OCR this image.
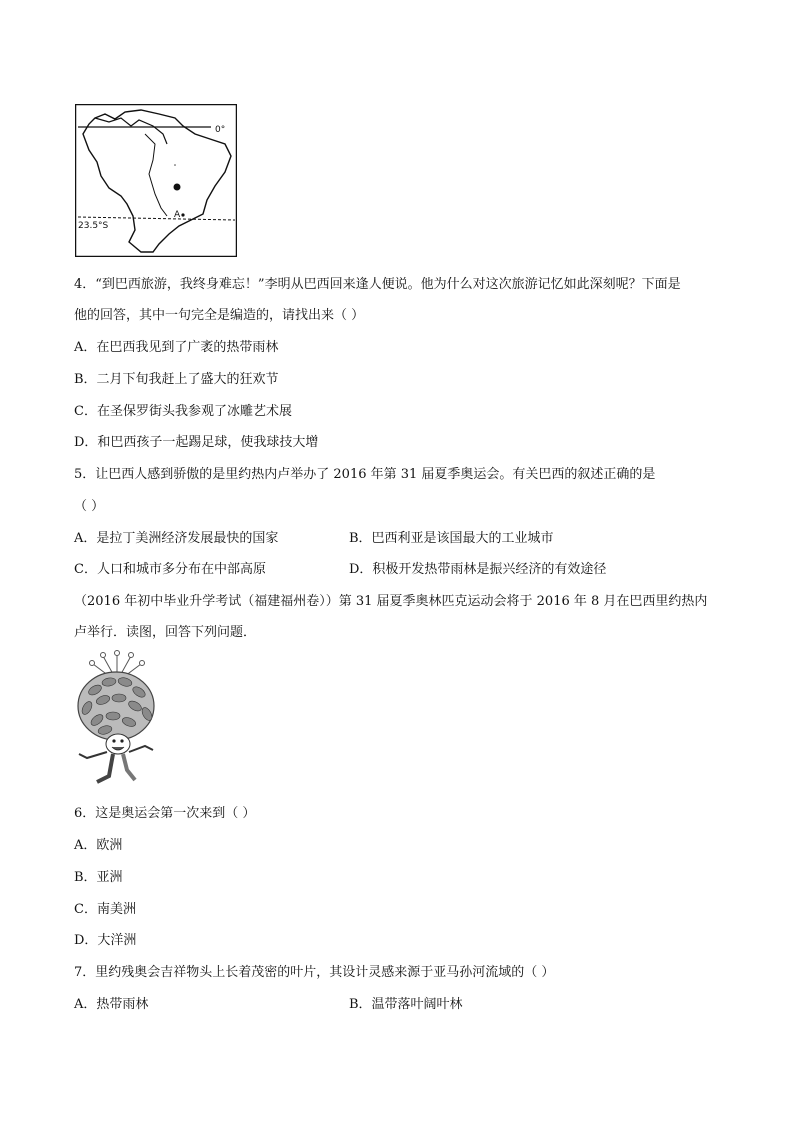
0°
23.5°S
A
4．“到巴西旅游，我终身难忘！”李明从巴西回来逢人便说。他为什么对这次旅游记忆如此深刻呢？下面是
他的回答，其中一句完全是编造的，请找出来（ ）
A．在巴西我见到了广袤的热带雨林
B．二月下旬我赶上了盛大的狂欢节
C．在圣保罗街头我参观了冰雕艺术展
D．和巴西孩子一起踢足球，使我球技大增
5．让巴西人感到骄傲的是里约热内卢举办了 2016 年第 31 届夏季奥运会。有关巴西的叙述正确的是
（ ）
A．是拉丁美洲经济发展最快的国家	B．巴西利亚是该国最大的工业城市
C．人口和城市多分布在中部高原	D．积极开发热带雨林是振兴经济的有效途径
（2016 年初中毕业升学考试（福建福州卷））第 31 届夏季奥林匹克运动会将于 2016 年 8 月在巴西里约热内
卢举行．读图，回答下列问题．
6．这是奥运会第一次来到（ ）
A．欧洲
B．亚洲
C．南美洲
D．大洋洲
7．里约残奥会吉祥物头上长着茂密的叶片，其设计灵感来源于亚马孙河流域的（ ）
A．热带雨林	B．温带落叶阔叶林
